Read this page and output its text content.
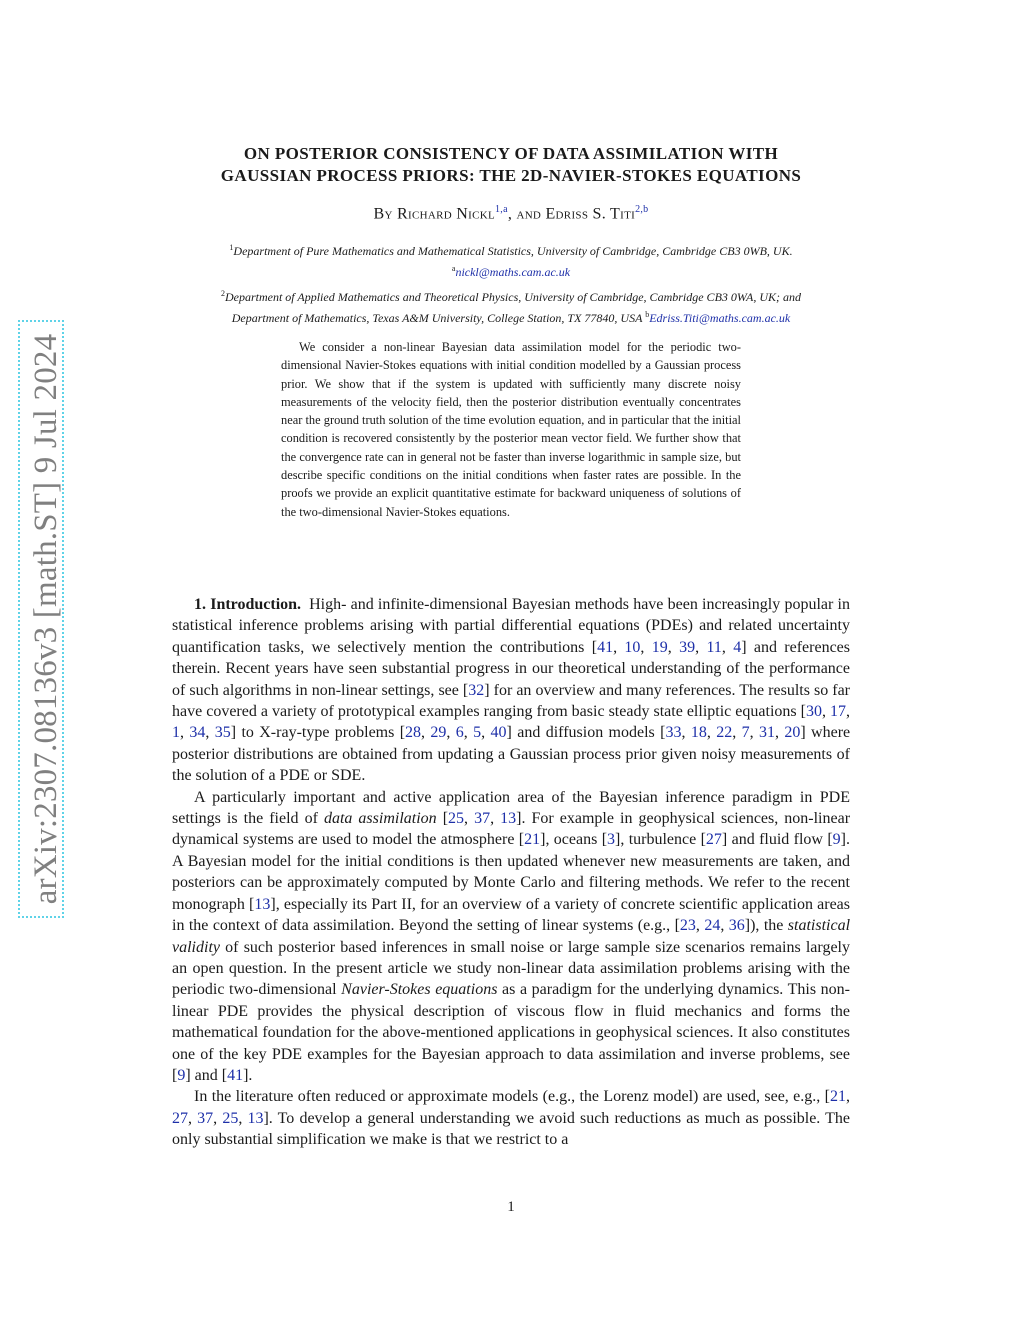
arXiv:2307.08136v3 [math.ST] 9 Jul 2024
ON POSTERIOR CONSISTENCY OF DATA ASSIMILATION WITH
GAUSSIAN PROCESS PRIORS: THE 2D-NAVIER-STOKES EQUATIONS
By Richard Nickl$^{1,a}$, and Edriss S. Titi$^{2,b}$
$^1$Department of Pure Mathematics and Mathematical Statistics, University of Cambridge, Cambridge CB3 0WB, UK.
$^a$nickl@maths.cam.ac.uk
$^2$Department of Applied Mathematics and Theoretical Physics, University of Cambridge, Cambridge CB3 0WA, UK; and
Department of Mathematics, Texas A&M University, College Station, TX 77840, USA $^b$Edriss.Titi@maths.cam.ac.uk
We consider a non-linear Bayesian data assimilation model for the periodic two-dimensional Navier-Stokes equations with initial condition modelled by a Gaussian process prior. We show that if the system is updated with sufficiently many discrete noisy measurements of the velocity field, then the posterior distribution eventually concentrates near the ground truth solution of the time evolution equation, and in particular that the initial condition is recovered consistently by the posterior mean vector field. We further show that the convergence rate can in general not be faster than inverse logarithmic in sample size, but describe specific conditions on the initial conditions when faster rates are possible. In the proofs we provide an explicit quantitative estimate for backward uniqueness of solutions of the two-dimensional Navier-Stokes equations.

1. Introduction. High- and infinite-dimensional Bayesian methods have been increasingly popular in statistical inference problems arising with partial differential equations (PDEs) and related uncertainty quantification tasks, we selectively mention the contributions [41, 10, 19, 39, 11, 4] and references therein. Recent years have seen substantial progress in our theoretical understanding of the performance of such algorithms in non-linear settings, see [32] for an overview and many references. The results so far have covered a variety of prototypical examples ranging from basic steady state elliptic equations [30, 17, 1, 34, 35] to X-ray-type problems [28, 29, 6, 5, 40] and diffusion models [33, 18, 22, 7, 31, 20] where posterior distributions are obtained from updating a Gaussian process prior given noisy measurements of the solution of a PDE or SDE.

A particularly important and active application area of the Bayesian inference paradigm in PDE settings is the field of data assimilation [25, 37, 13]. For example in geophysical sciences, non-linear dynamical systems are used to model the atmosphere [21], oceans [3], turbulence [27] and fluid flow [9]. A Bayesian model for the initial conditions is then updated whenever new measurements are taken, and posteriors can be approximately computed by Monte Carlo and filtering methods. We refer to the recent monograph [13], especially its Part II, for an overview of a variety of concrete scientific application areas in the context of data assimilation. Beyond the setting of linear systems (e.g., [23, 24, 36]), the statistical validity of such posterior based inferences in small noise or large sample size scenarios remains largely an open question. In the present article we study non-linear data assimilation problems arising with the periodic two-dimensional Navier-Stokes equations as a paradigm for the underlying dynamics. This non-linear PDE provides the physical description of viscous flow in fluid mechanics and forms the mathematical foundation for the above-mentioned applications in geophysical sciences. It also constitutes one of the key PDE examples for the Bayesian approach to data assimilation and inverse problems, see [9] and [41].

In the literature often reduced or approximate models (e.g., the Lorenz model) are used, see, e.g., [21, 27, 37, 25, 13]. To develop a general understanding we avoid such reductions as much as possible. The only substantial simplification we make is that we restrict to a

1
